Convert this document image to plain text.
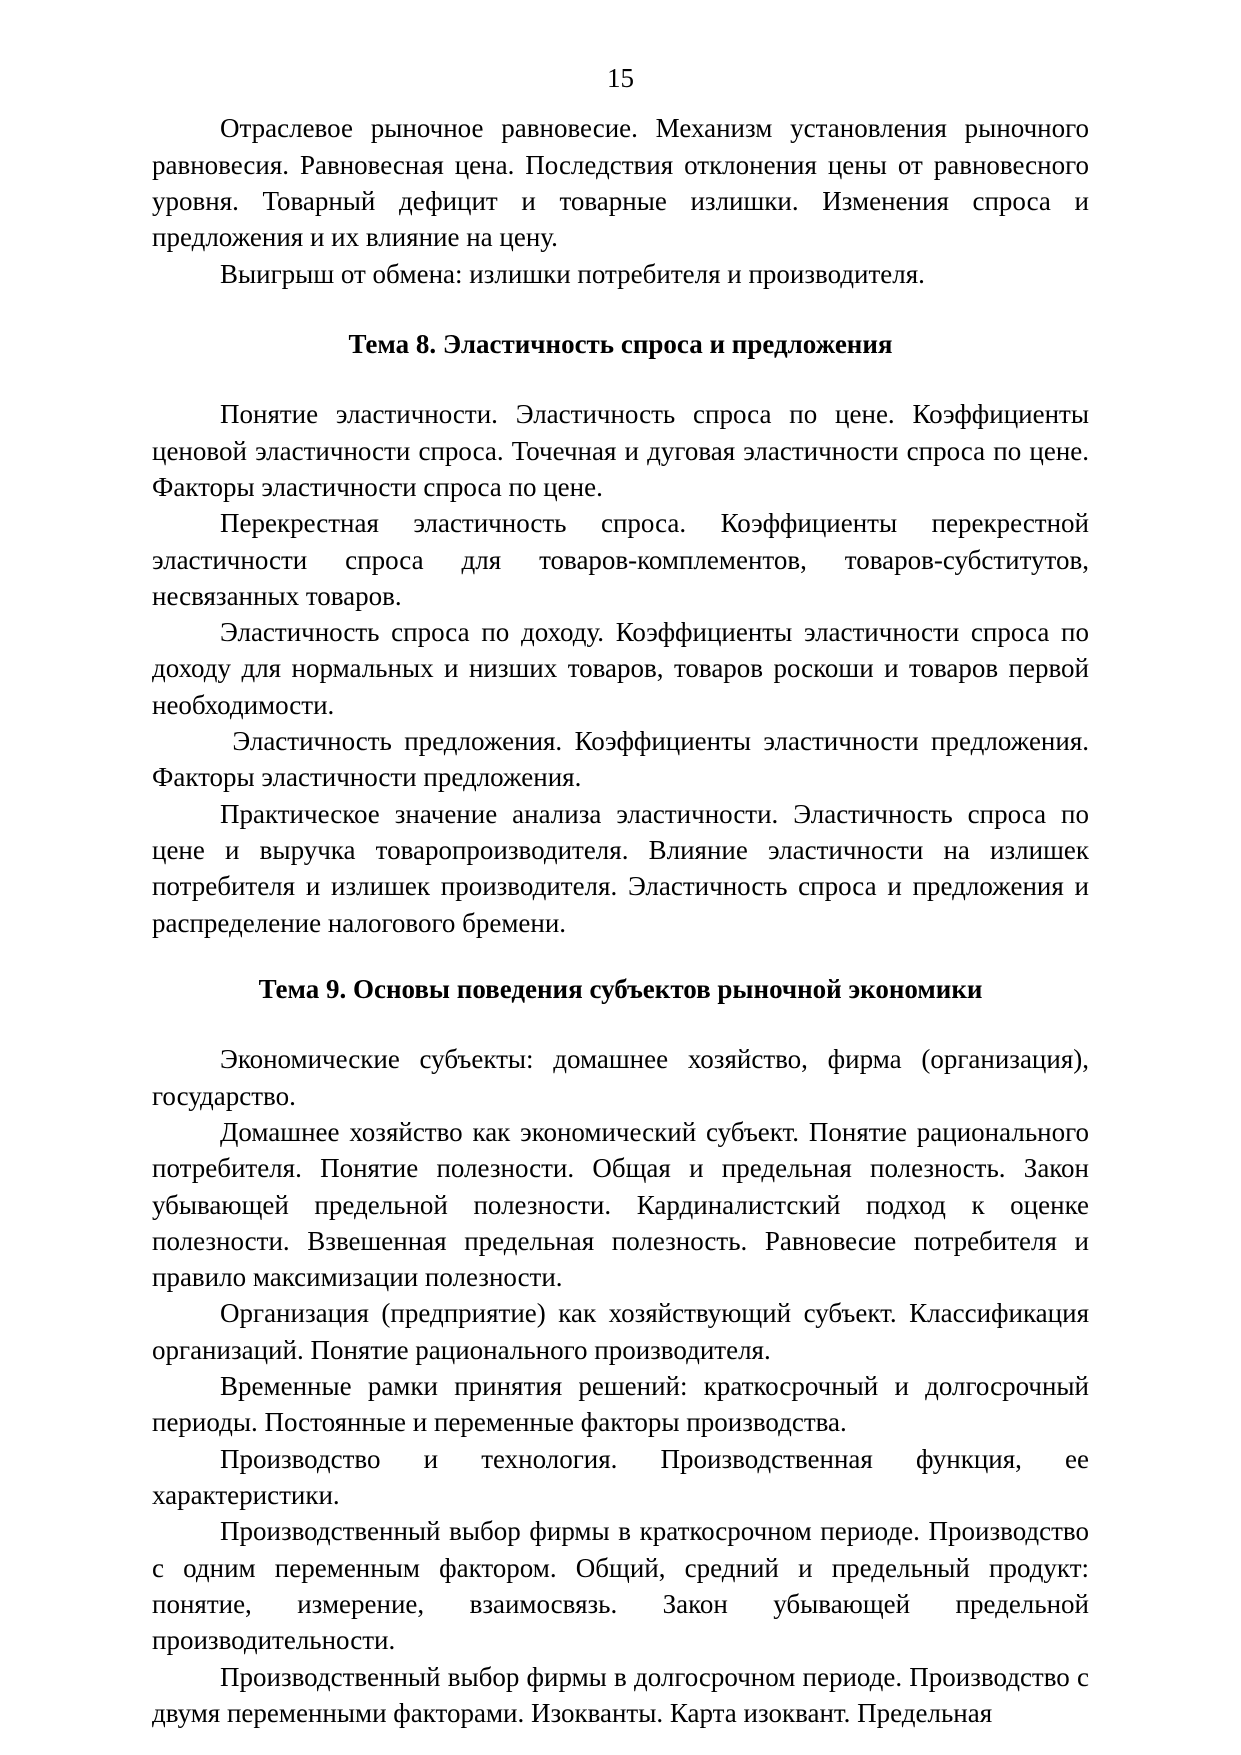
15

Отраслевое рыночное равновесие. Механизм установления рыночного равновесия. Равновесная цена. Последствия отклонения цены от равновесного уровня. Товарный дефицит и товарные излишки. Изменения спроса и предложения и их влияние на цену.

Выигрыш от обмена: излишки потребителя и производителя.

Тема 8. Эластичность спроса и предложения

Понятие эластичности. Эластичность спроса по цене. Коэффициенты ценовой эластичности спроса. Точечная и дуговая эластичности спроса по цене. Факторы эластичности спроса по цене.

Перекрестная эластичность спроса. Коэффициенты перекрестной эластичности спроса для товаров-комплементов, товаров-субститутов, несвязанных товаров.

Эластичность спроса по доходу. Коэффициенты эластичности спроса по доходу для нормальных и низших товаров, товаров роскоши и товаров первой необходимости.

Эластичность предложения. Коэффициенты эластичности предложения. Факторы эластичности предложения.

Практическое значение анализа эластичности. Эластичность спроса по цене и выручка товаропроизводителя. Влияние эластичности на излишек потребителя и излишек производителя. Эластичность спроса и предложения и распределение налогового бремени.

Тема 9. Основы поведения субъектов рыночной экономики

Экономические субъекты: домашнее хозяйство, фирма (организация), государство.

Домашнее хозяйство как экономический субъект. Понятие рационального потребителя. Понятие полезности. Общая и предельная полезность. Закон убывающей предельной полезности. Кардиналистский подход к оценке полезности. Взвешенная предельная полезность. Равновесие потребителя и правило максимизации полезности.

Организация (предприятие) как хозяйствующий субъект. Классификация организаций. Понятие рационального производителя.

Временные рамки принятия решений: краткосрочный и долгосрочный периоды. Постоянные и переменные факторы производства.

Производство и технология. Производственная функция, ее характеристики.

Производственный выбор фирмы в краткосрочном периоде. Производство с одним переменным фактором. Общий, средний и предельный продукт: понятие, измерение, взаимосвязь. Закон убывающей предельной производительности.

Производственный выбор фирмы в долгосрочном периоде. Производство с двумя переменными факторами. Изокванты. Карта изоквант. Предельная
